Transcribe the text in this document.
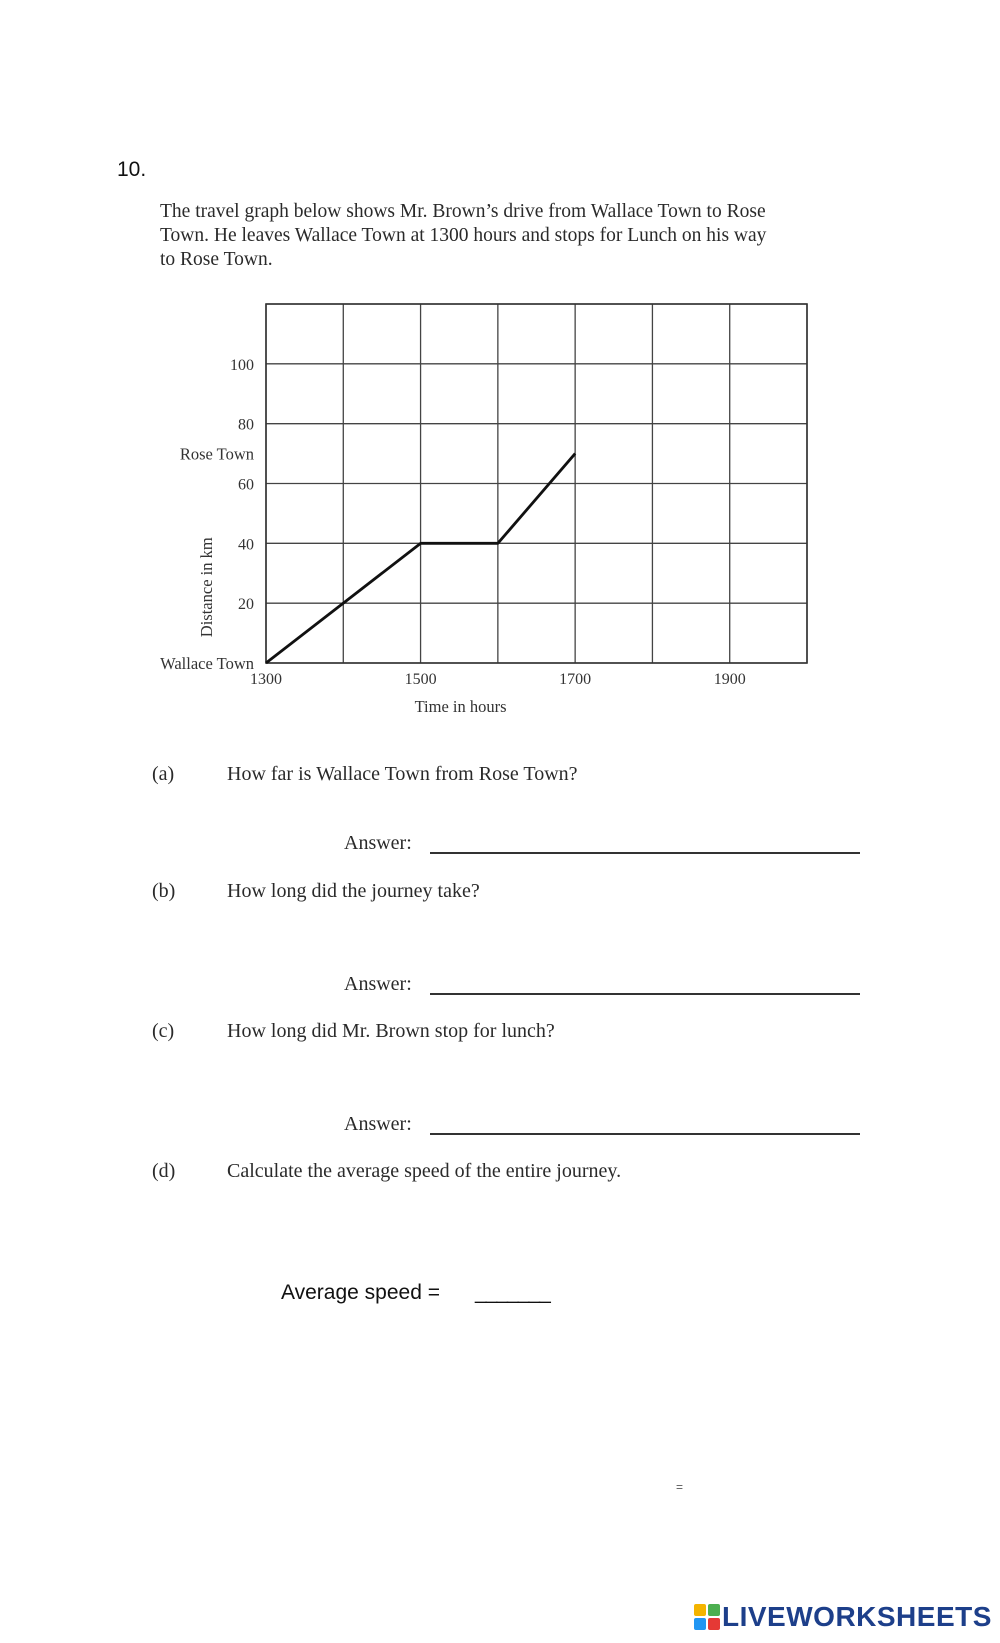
10.
The travel graph below shows Mr. Brown’s drive from Wallace Town to Rose
Town. He leaves Wallace Town at 1300 hours and stops for Lunch on his way
to Rose Town.
20
40
60
80
100
1300	1500	1700	1900
Wallace Town
Rose Town
Time in hours
Distance in km
(a)	How far is Wallace Town from Rose Town?
Answer:
(b)	How long did the journey take?
Answer:
(c)	How long did Mr. Brown stop for lunch?
Answer:
(d)	Calculate the average speed of the entire journey.
Average speed = _______
=
LIVEWORKSHEETS
